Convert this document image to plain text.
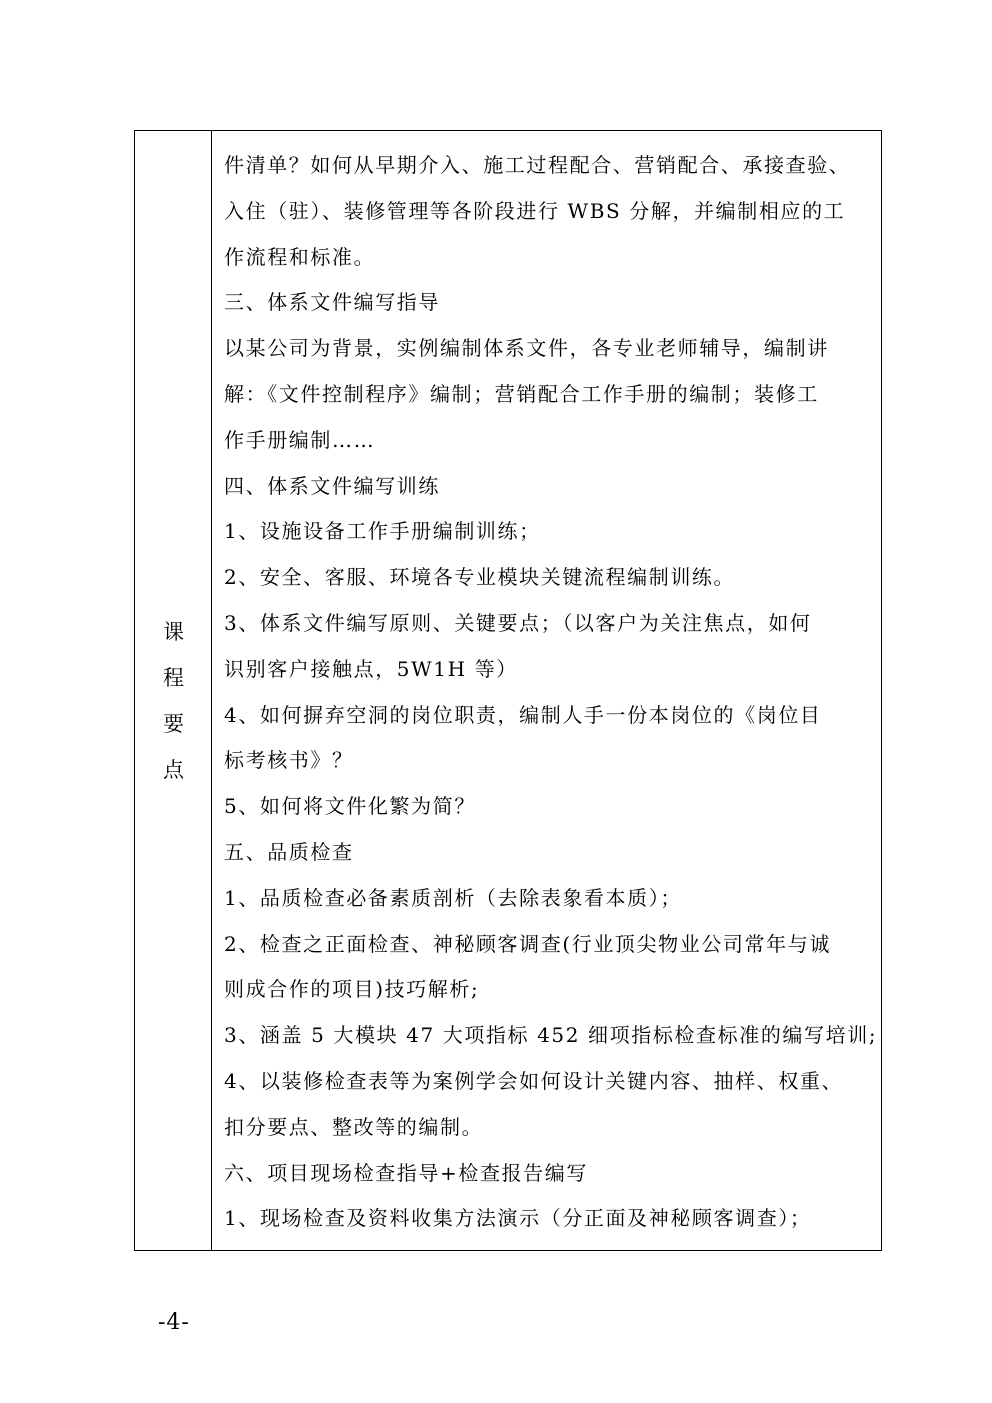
课
程
要
点
件清单？如何从早期介入、施工过程配合、营销配合、承接查验、
入住（驻）、装修管理等各阶段进行 WBS 分解，并编制相应的工
作流程和标准。
三、体系文件编写指导
以某公司为背景，实例编制体系文件，各专业老师辅导，编制讲
解：《文件控制程序》编制；营销配合工作手册的编制；装修工
作手册编制……
四、体系文件编写训练
1、设施设备工作手册编制训练；
2、安全、客服、环境各专业模块关键流程编制训练。
3、体系文件编写原则、关键要点；（以客户为关注焦点，如何
识别客户接触点，5W1H 等）
4、如何摒弃空洞的岗位职责，编制人手一份本岗位的《岗位目
标考核书》？
5、如何将文件化繁为简？
五、品质检查
1、品质检查必备素质剖析（去除表象看本质）；
2、检查之正面检查、神秘顾客调查(行业顶尖物业公司常年与诚
则成合作的项目)技巧解析;
3、涵盖 5 大模块 47 大项指标 452 细项指标检查标准的编写培训;
4、以装修检查表等为案例学会如何设计关键内容、抽样、权重、
扣分要点、整改等的编制。
六、项目现场检查指导+检查报告编写
1、现场检查及资料收集方法演示（分正面及神秘顾客调查）；
-4-
